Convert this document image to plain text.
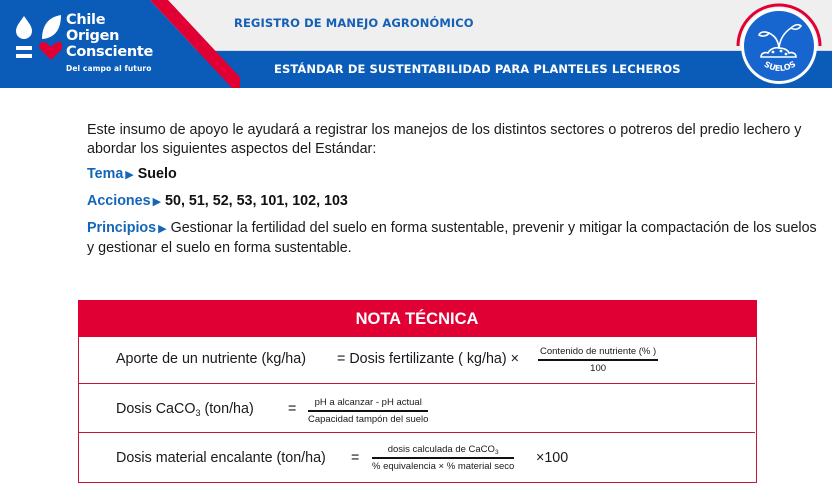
Chile
Origen
Consciente
Del campo al futuro
REGISTRO DE MANEJO AGRONÓMICO
ESTÁNDAR DE SUSTENTABILIDAD PARA PLANTELES LECHEROS	SUELOS

Este insumo de apoyo le ayudará a registrar los manejos de los distintos sectores o potreros del predio lechero y abordar los siguientes aspectos del Estándar:

Tema ▶ Suelo
Acciones ▶ 50, 51, 52, 53, 101, 102, 103
Principios ▶ Gestionar la fertilidad del suelo en forma sustentable, prevenir y mitigar la compactación de los suelos y gestionar el suelo en forma sustentable.
NOTA TÉCNICA
Aporte de un nutriente (kg/ha) = Dosis fertilizante ( kg/ha) × Contenido de nutriente (% )
100
Dosis CaCO$_3$ (ton/ha) = pH a alcanzar - pH actual
Capacidad tampón del suelo
Dosis material encalante (ton/ha) =
dosis calculada de CaCO$_3$
% equivalencia × % material seco ×100
